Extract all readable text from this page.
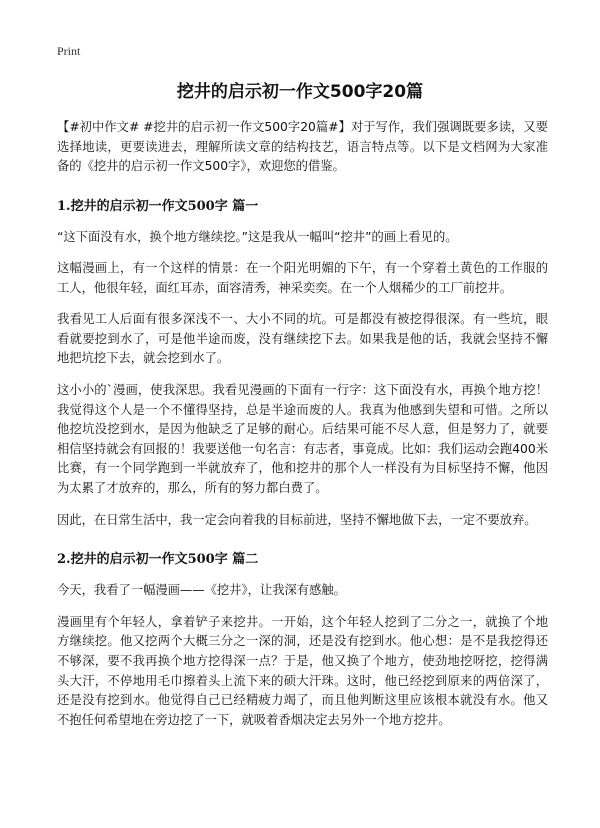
Print
挖井的启示初一作文500字20篇

【#初中作文# #挖井的启示初一作文500字20篇#】对于写作，我们强调既要多读，又要选择地读，更要读进去，理解所读文章的结构技艺，语言特点等。以下是文档网为大家准备的《挖井的启示初一作文500字》，欢迎您的借鉴。

1.挖井的启示初一作文500字 篇一

“这下面没有水，换个地方继续挖。”这是我从一幅叫“挖井”的画上看见的。

这幅漫画上，有一个这样的情景：在一个阳光明媚的下午，有一个穿着土黄色的工作服的工人，他很年轻，面红耳赤，面容清秀，神采奕奕。在一个人烟稀少的工厂前挖井。

我看见工人后面有很多深浅不一、大小不同的坑。可是都没有被挖得很深。有一些坑，眼看就要挖到水了，可是他半途而废，没有继续挖下去。如果我是他的话，我就会坚持不懈地把坑挖下去，就会挖到水了。

这小小的`漫画，使我深思。我看见漫画的下面有一行字：这下面没有水，再换个地方挖！我觉得这个人是一个不懂得坚持，总是半途而废的人。我真为他感到失望和可惜。之所以他挖坑没挖到水，是因为他缺乏了足够的耐心。后结果可能不尽人意，但是努力了，就要相信坚持就会有回报的！我要送他一句名言：有志者，事竟成。比如：我们运动会跑400米比赛，有一个同学跑到一半就放弃了，他和挖井的那个人一样没有为目标坚持不懈，他因为太累了才放弃的，那么，所有的努力都白费了。

因此，在日常生活中，我一定会向着我的目标前进，坚持不懈地做下去，一定不要放弃。

2.挖井的启示初一作文500字 篇二

今天，我看了一幅漫画——《挖井》，让我深有感触。

漫画里有个年轻人，拿着铲子来挖井。一开始，这个年轻人挖到了二分之一，就换了个地方继续挖。他又挖两个大概三分之一深的洞，还是没有挖到水。他心想：是不是我挖得还不够深，要不我再换个地方挖得深一点？于是，他又换了个地方，使劲地挖呀挖，挖得满头大汗，不停地用毛巾擦着头上流下来的硕大汗珠。这时，他已经挖到原来的两倍深了，还是没有挖到水。他觉得自己已经精疲力竭了，而且他判断这里应该根本就没有水。他又不抱任何希望地在旁边挖了一下，就吸着香烟决定去另外一个地方挖井。
